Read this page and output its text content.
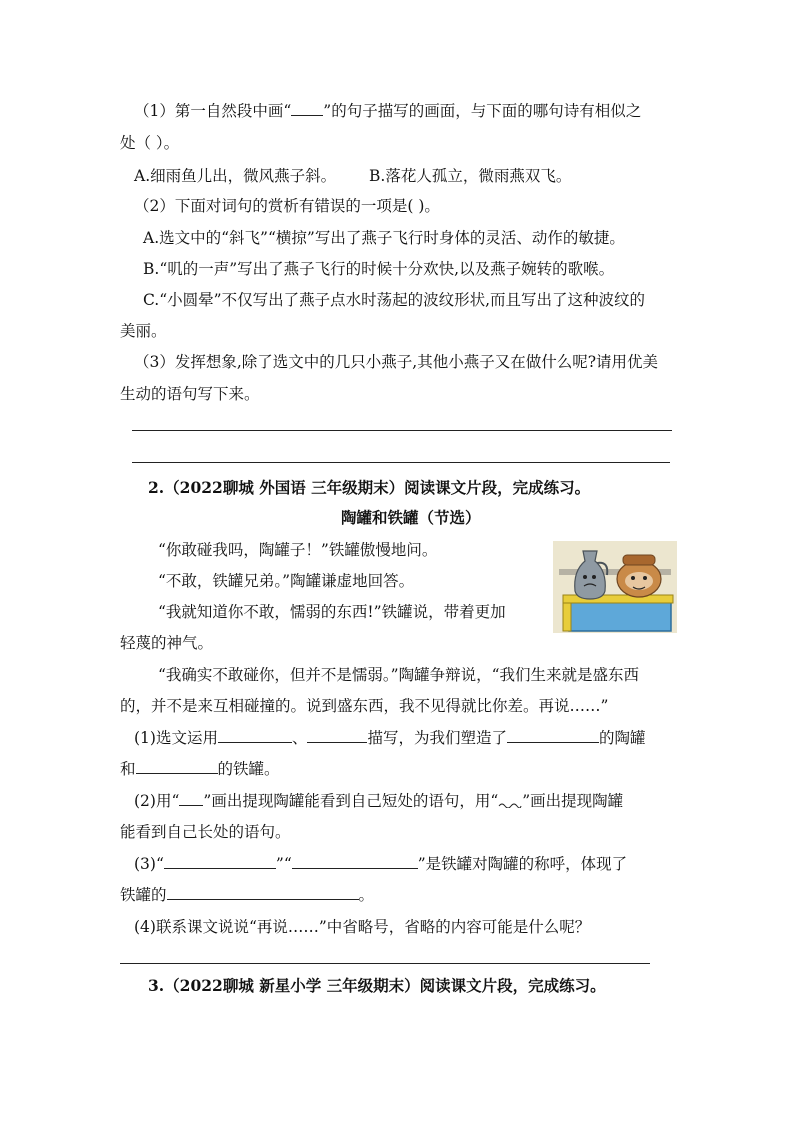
（1）第一自然段中画“ ”的句子描写的画面，与下面的哪句诗有相似之
处（ ）。
A.细雨鱼儿出，微风燕子斜。 B.落花人孤立，微雨燕双飞。
（2）下面对词句的赏析有错误的一项是( )。
A.选文中的“斜飞”“横掠”写出了燕子飞行时身体的灵活、动作的敏捷。
B.“叽的一声”写出了燕子飞行的时候十分欢快,以及燕子婉转的歌喉。
C.“小圆晕”不仅写出了燕子点水时荡起的波纹形状,而且写出了这种波纹的
美丽。
（3）发挥想象,除了选文中的几只小燕子,其他小燕子又在做什么呢?请用优美
生动的语句写下来。
2.（2022聊城 外国语 三年级期末）阅读课文片段，完成练习。
陶罐和铁罐（节选）
“你敢碰我吗，陶罐子！”铁罐傲慢地问。
“不敢，铁罐兄弟。”陶罐谦虚地回答。
“我就知道你不敢，懦弱的东西!”铁罐说，带着更加
轻蔑的神气。
“我确实不敢碰你，但并不是懦弱。”陶罐争辩说，“我们生来就是盛东西
的，并不是来互相碰撞的。说到盛东西，我不见得就比你差。再说……”
(1)选文运用	、	描写，为我们塑造了	的陶罐
和	的铁罐。
(2)用“ ”画出提现陶罐能看到自己短处的语句，用“ ”画出提现陶罐
能看到自己长处的语句。
(3)“	”“	”是铁罐对陶罐的称呼，体现了
铁罐的	。
(4)联系课文说说“再说……”中省略号，省略的内容可能是什么呢？
3.（2022聊城 新星小学 三年级期末）阅读课文片段，完成练习。
